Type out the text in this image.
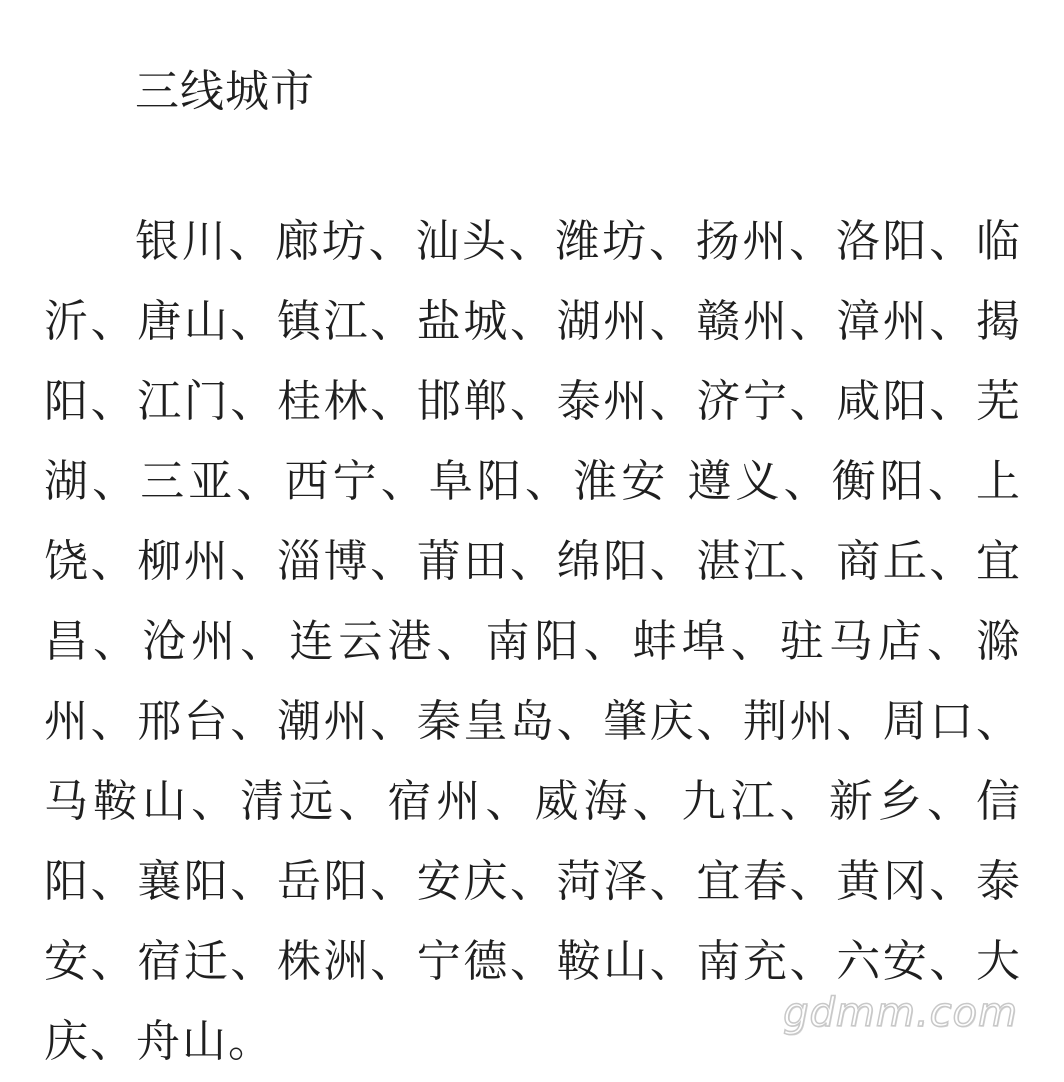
三线城市

银川、廊坊、汕头、潍坊、扬州、洛阳、临沂、唐山、镇江、盐城、湖州、赣州、漳州、揭阳、江门、桂林、邯郸、泰州、济宁、咸阳、芜湖、三亚、西宁、阜阳、淮安 遵义、衡阳、上饶、柳州、淄博、莆田、绵阳、湛江、商丘、宜昌、沧州、连云港、南阳、蚌埠、驻马店、滁州、邢台、潮州、秦皇岛、肇庆、荆州、周口、马鞍山、清远、宿州、威海、九江、新乡、信阳、襄阳、岳阳、安庆、菏泽、宜春、黄冈、泰安、宿迁、株洲、宁德、鞍山、南充、六安、大庆、舟山。

gdmm.com
